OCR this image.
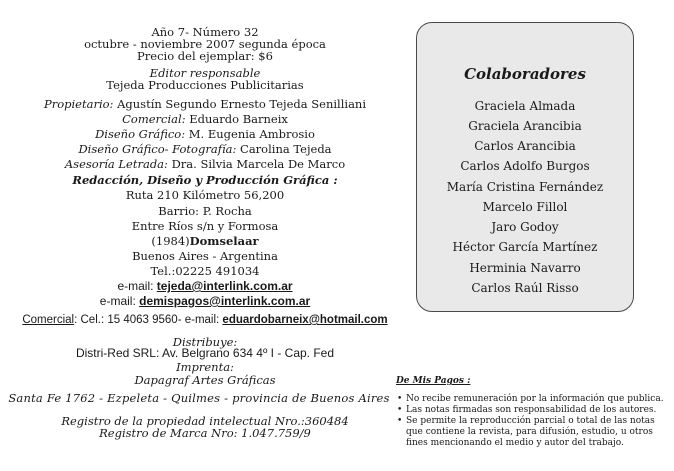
Año 7- Número 32
octubre - noviembre 2007 segunda época
Precio del ejemplar: $6
Editor responsable
Tejeda Producciones Publicitarias
Propietario: Agustín Segundo Ernesto Tejeda Senilliani
Comercial: Eduardo Barneix
Diseño Gráfico: M. Eugenia Ambrosio
Diseño Gráfico- Fotografía: Carolina Tejeda
Asesoría Letrada: Dra. Silvia Marcela De Marco
Redacción, Diseño y Producción Gráfica :
Ruta 210 Kilómetro 56,200
Barrio: P. Rocha
Entre Ríos s/n y Formosa
(1984)Domselaar
Buenos Aires - Argentina
Tel.:02225 491034
e-mail: tejeda@interlink.com.ar
e-mail: demispagos@interlink.com.ar
Comercial: Cel.: 15 4063 9560- e-mail: eduardobarneix@hotmail.com
Distribuye:
Distri-Red SRL: Av. Belgrano 634 4º I - Cap. Fed
Imprenta:
Dapagraf Artes Gráficas
Santa Fe 1762 - Ezpeleta - Quilmes - provincia de Buenos Aires
Registro de la propiedad intelectual Nro.:360484
Registro de Marca Nro: 1.047.759/9
Colaboradores
Graciela Almada
Graciela Arancibia
Carlos Arancibia
Carlos Adolfo Burgos
María Cristina Fernández
Marcelo Fillol
Jaro Godoy
Héctor García Martínez
Herminia Navarro
Carlos Raúl Risso
De Mis Pagos :
• No recibe remuneración por la información que publica.
• Las notas firmadas son responsabilidad de los autores.
• Se permite la reproducción parcial o total de las notas que contiene la revista, para difusión, estudio, u otros fines mencionando el medio y autor del trabajo.
